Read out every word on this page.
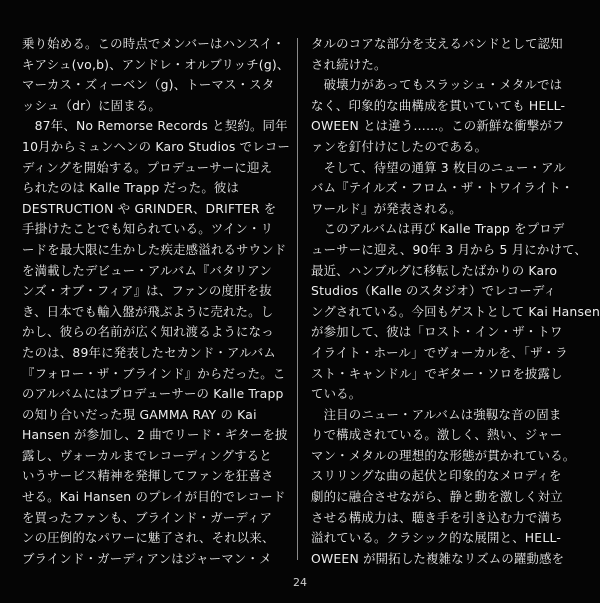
乗り始める。この時点でメンバーはハンスイ・

キアシュ(vo,b)、アンドレ・オルブリッチ(g)、

マーカス・ズィーベン（g)、トーマス・スタ

ッシュ（dr）に固まる。

　87年、No Remorse Records と契約。同年

10月からミュンヘンの Karo Studios でレコー

ディングを開始する。プロデューサーに迎え

られたのは Kalle Trapp だった。彼は

DESTRUCTION や GRINDER、DRIFTER を

手掛けたことでも知られている。ツイン・リ

ードを最大限に生かした疾走感溢れるサウンド

を満載したデビュー・アルバム『バタリアン

ンズ・オブ・フィア』は、ファンの度肝を抜

き、日本でも輸入盤が飛ぶように売れた。し

かし、彼らの名前が広く知れ渡るようになっ

たのは、89年に発表したセカンド・アルバム

『フォロー・ザ・ブラインド』からだった。こ

のアルバムにはプロデューサーの Kalle Trapp

の知り合いだった現 GAMMA RAY の Kai

Hansen が参加し、2 曲でリード・ギターを披

露し、ヴォーカルまでレコーディングすると

いうサービス精神を発揮してファンを狂喜さ

せる。Kai Hansen のプレイが目的でレコード

を買ったファンも、ブラインド・ガーディア

ンの圧倒的なパワーに魅了され、それ以来、

ブラインド・ガーディアンはジャーマン・メ

タルのコアな部分を支えるバンドとして認知

され続けた。

　破壊力があってもスラッシュ・メタルでは

なく、印象的な曲構成を貫いていても HELL-

OWEEN とは違う……。この新鮮な衝撃がフ

ァンを釘付けにしたのである。

　そして、待望の通算 3 枚目のニュー・アル

バム『テイルズ・フロム・ザ・トワイライト・

ワールド』が発表される。

　このアルバムは再び Kalle Trapp をプロデ

ューサーに迎え、90年 3 月から 5 月にかけて、

最近、ハンブルグに移転したばかりの Karo

Studios（Kalle のスタジオ）でレコーディ

ングされている。今回もゲストとして Kai Hansen

が参加して、彼は「ロスト・イン・ザ・トワ

イライト・ホール」でヴォーカルを、「ザ・ラ

スト・キャンドル」でギター・ソロを披露し

ている。

　注目のニュー・アルバムは強靱な音の固ま

りで構成されている。激しく、熱い、ジャー

マン・メタルの理想的な形態が貫かれている。

スリリングな曲の起伏と印象的なメロディを

劇的に融合させながら、静と動を激しく対立

させる構成力は、聴き手を引き込む力で満ち

溢れている。クラシック的な展開と、HELL-

OWEEN が開拓した複雑なリズムの躍動感を

24
